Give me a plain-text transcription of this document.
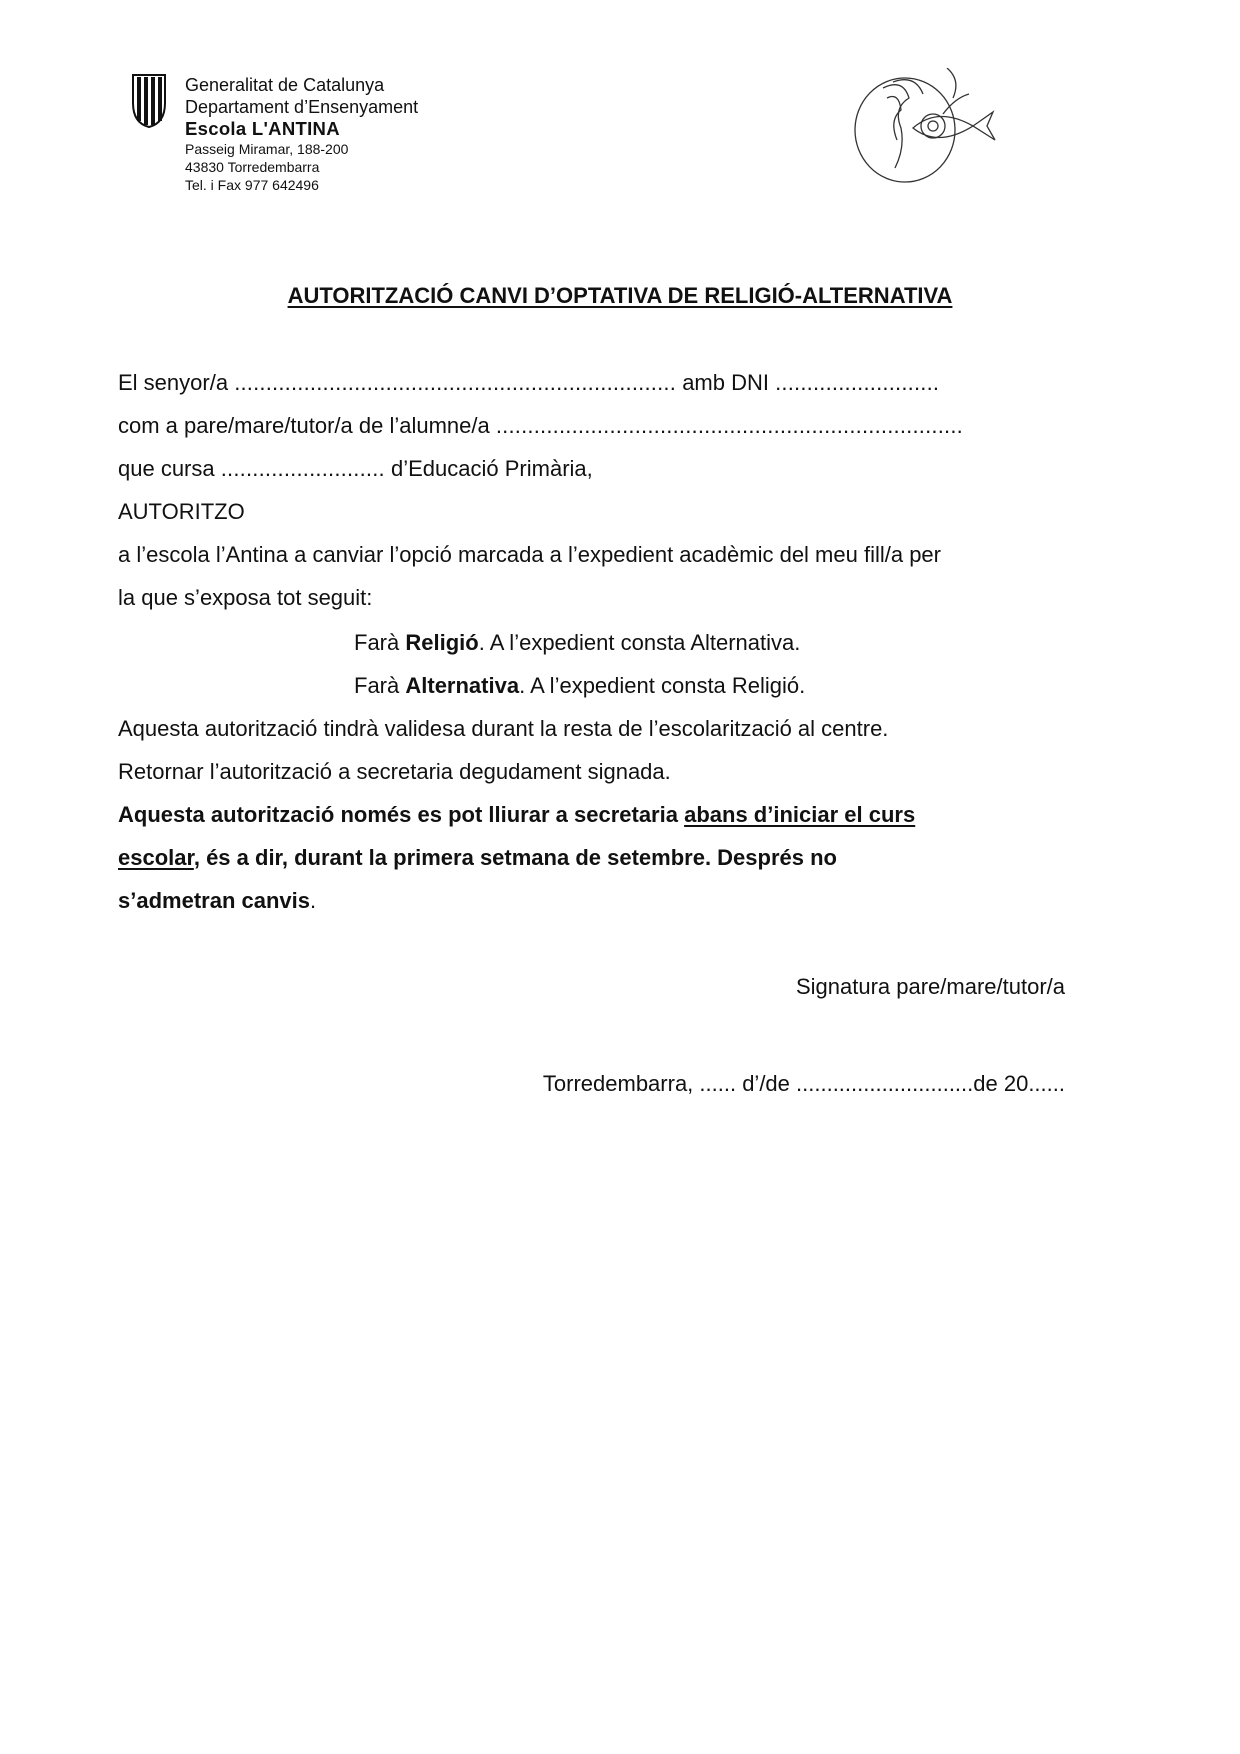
Generalitat de Catalunya
Departament d’Ensenyament
Escola L'ANTINA
Passeig Miramar, 188-200
43830 Torredembarra
Tel. i Fax 977 642496
AUTORITZACIÓ CANVI D’OPTATIVA DE RELIGIÓ-ALTERNATIVA
El senyor/a ...................................................................... amb DNI ..........................
com a pare/mare/tutor/a de l’alumne/a ..........................................................................
que cursa .......................... d’Educació Primària,
AUTORITZO
a l’escola l’Antina a canviar l’opció marcada a l’expedient acadèmic del meu fill/a per
la que s’exposa tot seguit:
Farà Religió. A l’expedient consta Alternativa.
Farà Alternativa. A l’expedient consta Religió.
Aquesta autorització tindrà validesa durant la resta de l’escolarització al centre.
Retornar l’autorització a secretaria degudament signada.
Aquesta autorització només es pot lliurar a secretaria abans d’iniciar el curs
escolar, és a dir, durant la primera setmana de setembre. Després no
s’admetran canvis.
Signatura pare/mare/tutor/a
Torredembarra, ...... d’/de .............................de 20......
